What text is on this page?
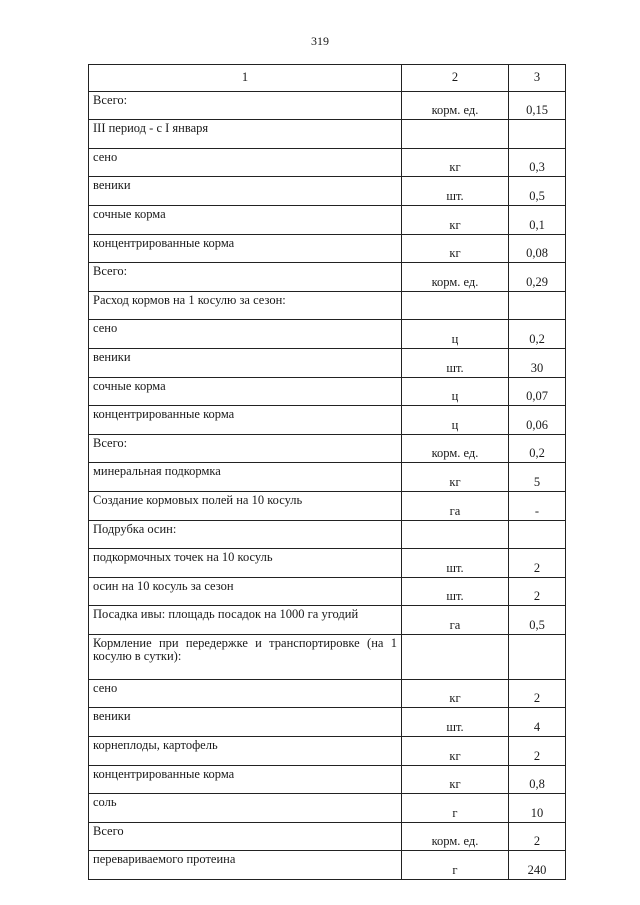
319
1	2	3
Всего:	корм. ед.	0,15
III период - с I января		
сено	кг	0,3
веники	шт.	0,5
сочные корма	кг	0,1
концентрированные корма	кг	0,08
Всего:	корм. ед.	0,29
Расход кормов на 1 косулю за сезон:		
сено	ц	0,2
веники	шт.	30
сочные корма	ц	0,07
концентрированные корма	ц	0,06
Всего:	корм. ед.	0,2
минеральная подкормка	кг	5
Создание кормовых полей на 10 косуль	га	-
Подрубка осин:		
подкормочных точек на 10 косуль	шт.	2
осин на 10 косуль за сезон	шт.	2
Посадка ивы: площадь посадок на 1000 га угодий	га	0,5
Кормление при передержке и транспортировке (на 1 косулю в сутки):		
сено	кг	2
веники	шт.	4
корнеплоды, картофель	кг	2
концентрированные корма	кг	0,8
соль	г	10
Всего	корм. ед.	2
перевариваемого протеина	г	240
